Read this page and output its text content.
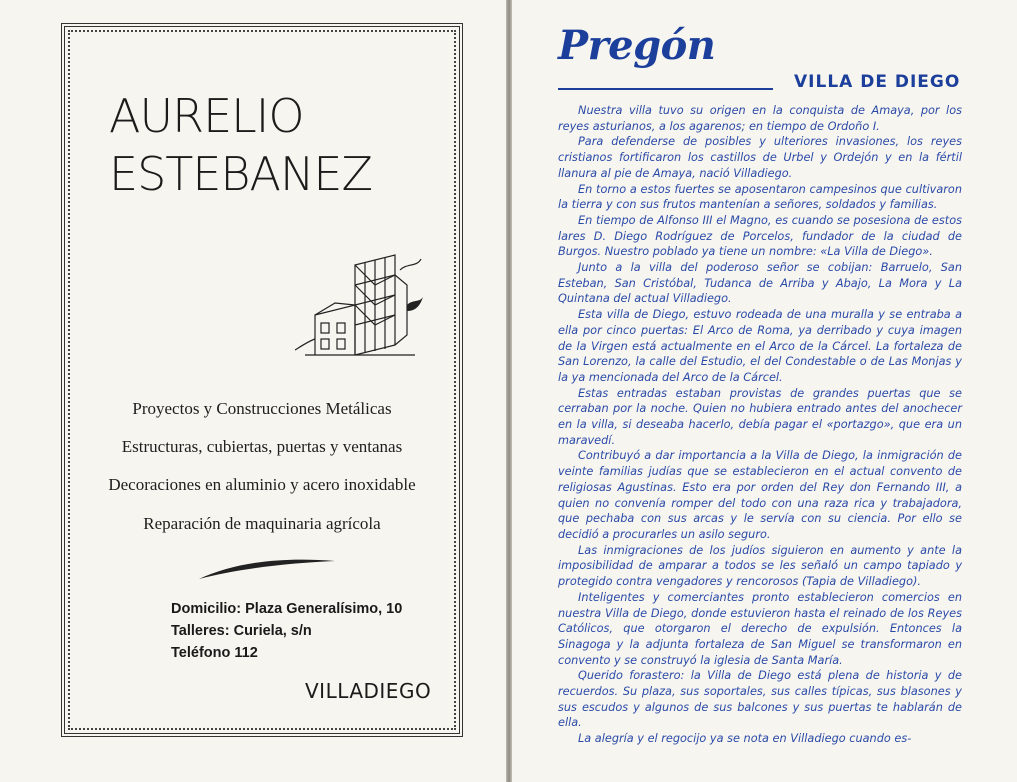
AURELIO
ESTEBANEZ
Proyectos y Construcciones Metálicas
Estructuras, cubiertas, puertas y ventanas
Decoraciones en aluminio y acero inoxidable
Reparación de maquinaria agrícola
Domicilio: Plaza Generalísimo, 10
Talleres: Curiela, s/n
Teléfono 112
VILLADIEGO
Pregón
VILLA DE DIEGO

Nuestra villa tuvo su origen en la conquista de Amaya, por los reyes asturianos, a los agarenos; en tiempo de Ordoño I.

Para defenderse de posibles y ulteriores invasiones, los reyes cristianos fortificaron los castillos de Urbel y Ordejón y en la fértil llanura al pie de Amaya, nació Villadiego.

En torno a estos fuertes se aposentaron campesinos que cultivaron la tierra y con sus frutos mantenían a señores, soldados y familias.

En tiempo de Alfonso III el Magno, es cuando se posesiona de estos lares D. Diego Rodríguez de Porcelos, fundador de la ciudad de Burgos. Nuestro poblado ya tiene un nombre: «La Villa de Diego».

Junto a la villa del poderoso señor se cobijan: Barruelo, San Esteban, San Cristóbal, Tudanca de Arriba y Abajo, La Mora y La Quintana del actual Villadiego.

Esta villa de Diego, estuvo rodeada de una muralla y se entraba a ella por cinco puertas: El Arco de Roma, ya derribado y cuya imagen de la Virgen está actualmente en el Arco de la Cárcel. La fortaleza de San Lorenzo, la calle del Estudio, el del Condestable o de Las Monjas y la ya mencionada del Arco de la Cárcel.

Estas entradas estaban provistas de grandes puertas que se cerraban por la noche. Quien no hubiera entrado antes del anochecer en la villa, si deseaba hacerlo, debía pagar el «portazgo», que era un maravedí.

Contribuyó a dar importancia a la Villa de Diego, la inmigración de veinte familias judías que se establecieron en el actual convento de religiosas Agustinas. Esto era por orden del Rey don Fernando III, a quien no convenía romper del todo con una raza rica y trabajadora, que pechaba con sus arcas y le servía con su ciencia. Por ello se decidió a procurarles un asilo seguro.

Las inmigraciones de los judíos siguieron en aumento y ante la imposibilidad de amparar a todos se les señaló un campo tapiado y protegido contra vengadores y rencorosos (Tapia de Villadiego).

Inteligentes y comerciantes pronto establecieron comercios en nuestra Villa de Diego, donde estuvieron hasta el reinado de los Reyes Católicos, que otorgaron el derecho de expulsión. Entonces la Sinagoga y la adjunta fortaleza de San Miguel se transformaron en convento y se construyó la iglesia de Santa María.

Querido forastero: la Villa de Diego está plena de historia y de recuerdos. Su plaza, sus soportales, sus calles típicas, sus blasones y sus escudos y algunos de sus balcones y sus puertas te hablarán de ella.

La alegría y el regocijo ya se nota en Villadiego cuando es-
